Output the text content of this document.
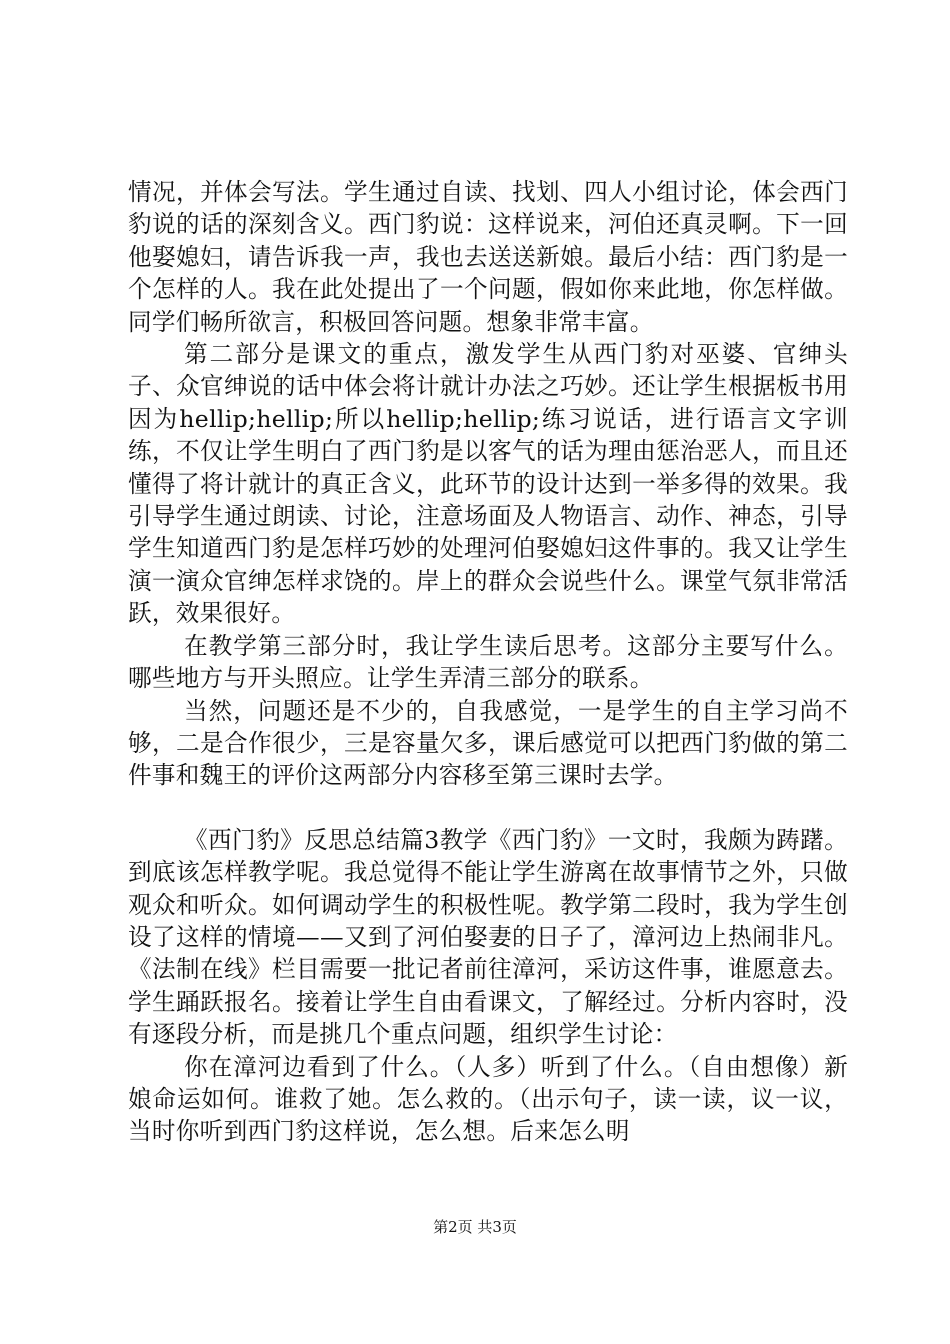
情况，并体会写法。学生通过自读、找划、四人小组讨论，体会西门豹说的话的深刻含义。西门豹说：这样说来，河伯还真灵啊。下一回他娶媳妇，请告诉我一声，我也去送送新娘。最后小结：西门豹是一个怎样的人。我在此处提出了一个问题，假如你来此地，你怎样做。同学们畅所欲言，积极回答问题。想象非常丰富。

第二部分是课文的重点，激发学生从西门豹对巫婆、官绅头子、众官绅说的话中体会将计就计办法之巧妙。还让学生根据板书用因为hellip;hellip;所以hellip;hellip;练习说话，进行语言文字训练，不仅让学生明白了西门豹是以客气的话为理由惩治恶人，而且还懂得了将计就计的真正含义，此环节的设计达到一举多得的效果。我引导学生通过朗读、讨论，注意场面及人物语言、动作、神态，引导学生知道西门豹是怎样巧妙的处理河伯娶媳妇这件事的。我又让学生演一演众官绅怎样求饶的。岸上的群众会说些什么。课堂气氛非常活跃，效果很好。

在教学第三部分时，我让学生读后思考。这部分主要写什么。哪些地方与开头照应。让学生弄清三部分的联系。

当然，问题还是不少的，自我感觉，一是学生的自主学习尚不够，二是合作很少，三是容量欠多，课后感觉可以把西门豹做的第二件事和魏王的评价这两部分内容移至第三课时去学。

《西门豹》反思总结篇3教学《西门豹》一文时，我颇为踌躇。到底该怎样教学呢。我总觉得不能让学生游离在故事情节之外，只做观众和听众。如何调动学生的积极性呢。教学第二段时，我为学生创设了这样的情境——又到了河伯娶妻的日子了，漳河边上热闹非凡。《法制在线》栏目需要一批记者前往漳河，采访这件事，谁愿意去。学生踊跃报名。接着让学生自由看课文，了解经过。分析内容时，没有逐段分析，而是挑几个重点问题，组织学生讨论：

你在漳河边看到了什么。（人多）听到了什么。（自由想像）新娘命运如何。谁救了她。怎么救的。（出示句子，读一读，议一议，当时你听到西门豹这样说，怎么想。后来怎么明

第2页 共3页
